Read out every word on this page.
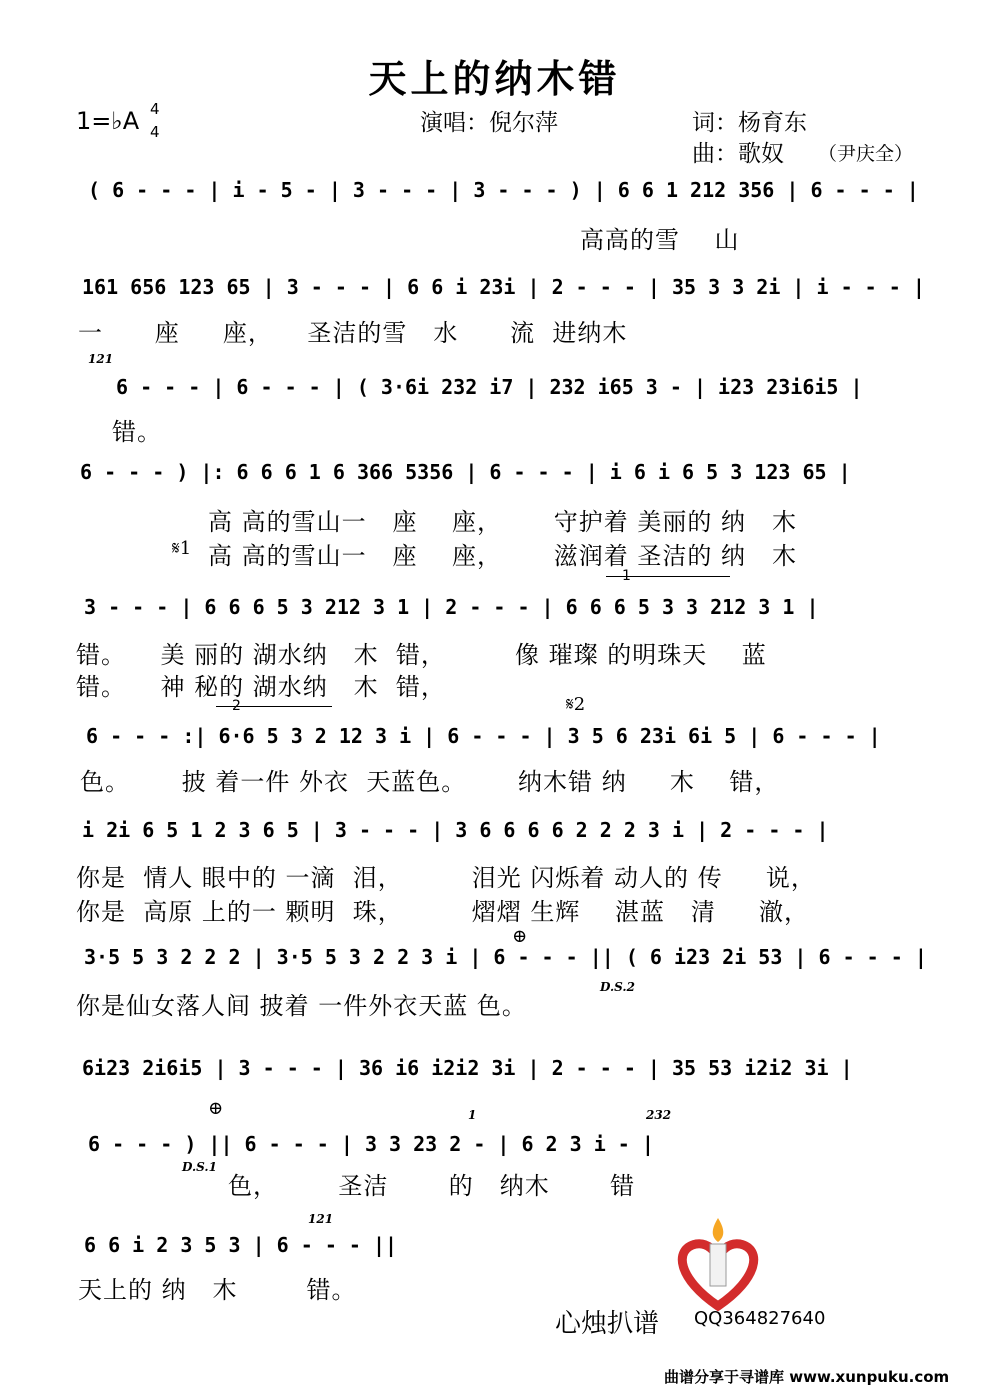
天上的纳木错
1=♭A 4
4	演唱：倪尔萍	词：杨育东
曲：歌奴 （尹庆全）
( 6 - - - | i - 5 - | 3 - - - | 3 - - - ) | 6 6 1 212 356 | 6 - - - |
高高的雪    山
161 656 123 65 | 3 - - - | 6 6 i 23i | 2 - - - | 35 3 3 2i | i - - - |
一      座     座，    圣洁的雪   水      流  进纳木
121
6 - - - | 6 - - - | ( 3·6i 232 i7 | 232 i65 3 - | i23 23i6i5 |
错。
6 - - - ) |: 6 6 6 1 6 366 5356 | 6 - - - | i 6 i 6 5 3 123 65 |
高 高的雪山一   座    座，      守护着 美丽的 纳   木
𝄋1 高 高的雪山一   座    座，      滋润着 圣洁的 纳   木
1
3 - - - | 6 6 6 5 3 212 3 1 | 2 - - - | 6 6 6 5 3 3 212 3 1 |
错。    美 丽的 湖水纳   木  错，        像 璀璨 的明珠天    蓝
错。    神 秘的 湖水纳   木  错，
2	𝄋2
6 - - - :| 6·6 5 3 2 12 3 i | 6 - - - | 3 5 6 23i 6i 5 | 6 - - - |
色。      披 着一件 外衣  天蓝色。      纳木错 纳     木    错，
i 2i 6 5 1 2 3 6 5 | 3 - - - | 3 6 6 6 6 2 2 2 3 i | 2 - - - |
你是  情人 眼中的 一滴  泪，        泪光 闪烁着 动人的 传     说，
你是  高原 上的一 颗明  珠，        熠熠 生辉    湛蓝   清     澈，
⊕
3·5 5 3 2 2 2 | 3·5 5 3 2 2 3 i | 6 - - - || ( 6 i23 2i 53 | 6 - - - |
D.S.2
你是仙女落人间 披着 一件外衣天蓝 色。
6i23 2i6i5 | 3 - - - | 36 i6 i2i2 3i | 2 - - - | 35 53 i2i2 3i |
⊕	1	232
6 - - - ) || 6 - - - | 3 3 23 2 - | 6 2 3 i - |
D.S.1
色，       圣洁       的   纳木       错
121
6 6 i 2 3 5 3 | 6 - - - ||
天上的 纳   木        错。
心烛扒谱 QQ364827640
曲谱分享于寻谱库 www.xunpuku.com
